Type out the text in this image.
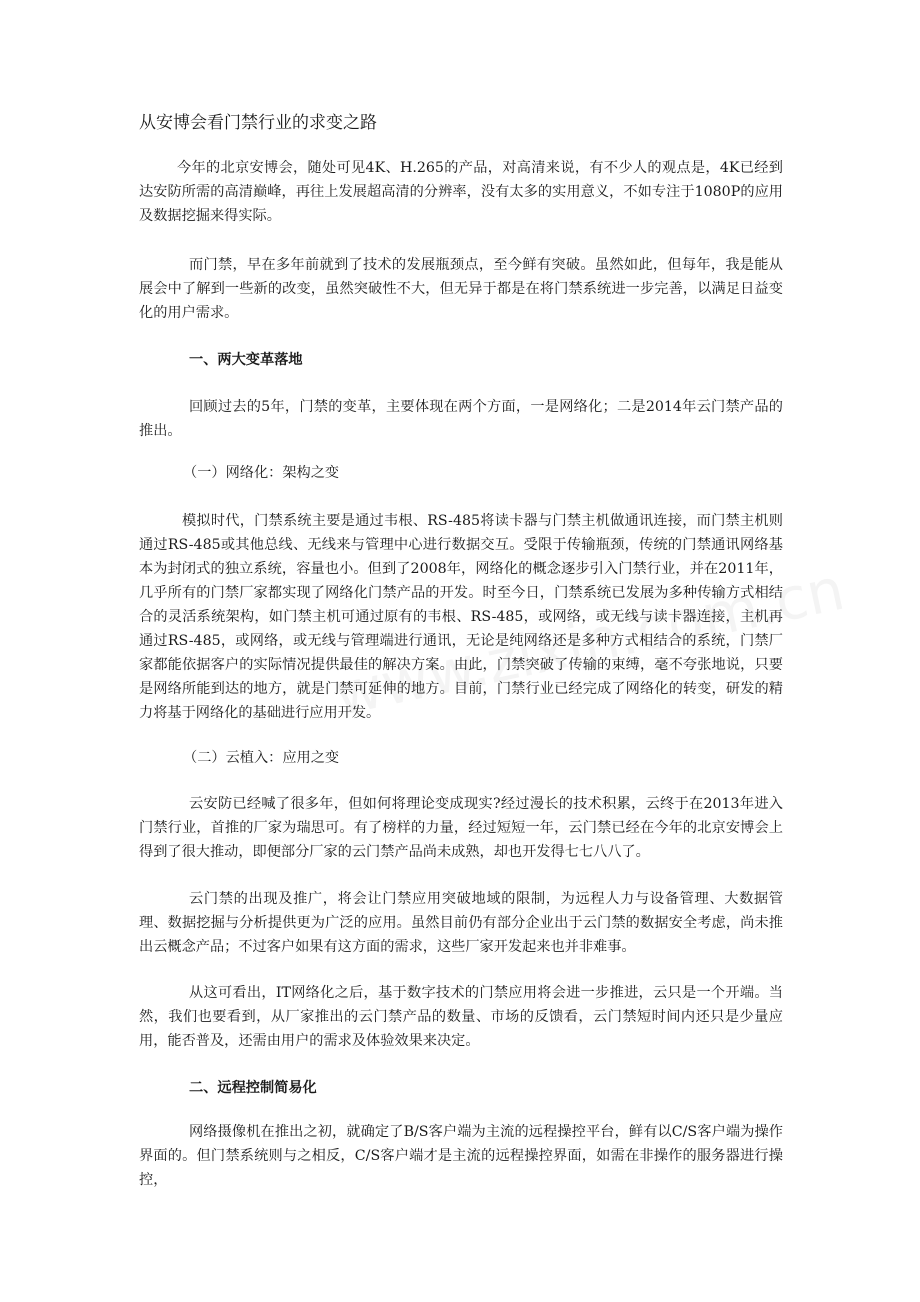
从安博会看门禁行业的求变之路

今年的北京安博会，随处可见4K、H.265的产品，对高清来说，有不少人的观点是，4K已经到达安防所需的高清巅峰，再往上发展超高清的分辨率，没有太多的实用意义，不如专注于1080P的应用及数据挖掘来得实际。

而门禁，早在多年前就到了技术的发展瓶颈点，至今鲜有突破。虽然如此，但每年，我是能从展会中了解到一些新的改变，虽然突破性不大，但无异于都是在将门禁系统进一步完善，以满足日益变化的用户需求。

一、两大变革落地

回顾过去的5年，门禁的变革，主要体现在两个方面，一是网络化；二是2014年云门禁产品的推出。

（一）网络化：架构之变

模拟时代，门禁系统主要是通过韦根、RS-485将读卡器与门禁主机做通讯连接，而门禁主机则通过RS-485或其他总线、无线来与管理中心进行数据交互。受限于传输瓶颈，传统的门禁通讯网络基本为封闭式的独立系统，容量也小。但到了2008年，网络化的概念逐步引入门禁行业，并在2011年，几乎所有的门禁厂家都实现了网络化门禁产品的开发。时至今日，门禁系统已发展为多种传输方式相结合的灵活系统架构，如门禁主机可通过原有的韦根、RS-485，或网络，或无线与读卡器连接，主机再通过RS-485，或网络，或无线与管理端进行通讯，无论是纯网络还是多种方式相结合的系统，门禁厂家都能依据客户的实际情况提供最佳的解决方案。由此，门禁突破了传输的束缚，毫不夸张地说，只要是网络所能到达的地方，就是门禁可延伸的地方。目前，门禁行业已经完成了网络化的转变，研发的精力将基于网络化的基础进行应用开发。

（二）云植入：应用之变

云安防已经喊了很多年，但如何将理论变成现实?经过漫长的技术积累，云终于在2013年进入门禁行业，首推的厂家为瑞思可。有了榜样的力量，经过短短一年，云门禁已经在今年的北京安博会上得到了很大推动，即便部分厂家的云门禁产品尚未成熟，却也开发得七七八八了。

云门禁的出现及推广，将会让门禁应用突破地域的限制，为远程人力与设备管理、大数据管理、数据挖掘与分析提供更为广泛的应用。虽然目前仍有部分企业出于云门禁的数据安全考虑，尚未推出云概念产品；不过客户如果有这方面的需求，这些厂家开发起来也并非难事。

从这可看出，IT网络化之后，基于数字技术的门禁应用将会进一步推进，云只是一个开端。当然，我们也要看到，从厂家推出的云门禁产品的数量、市场的反馈看，云门禁短时间内还只是少量应用，能否普及，还需由用户的需求及体验效果来决定。

二、远程控制简易化

网络摄像机在推出之初，就确定了B/S客户端为主流的远程操控平台，鲜有以C/S客户端为操作界面的。但门禁系统则与之相反，C/S客户端才是主流的远程操控界面，如需在非操作的服务器进行操控，
